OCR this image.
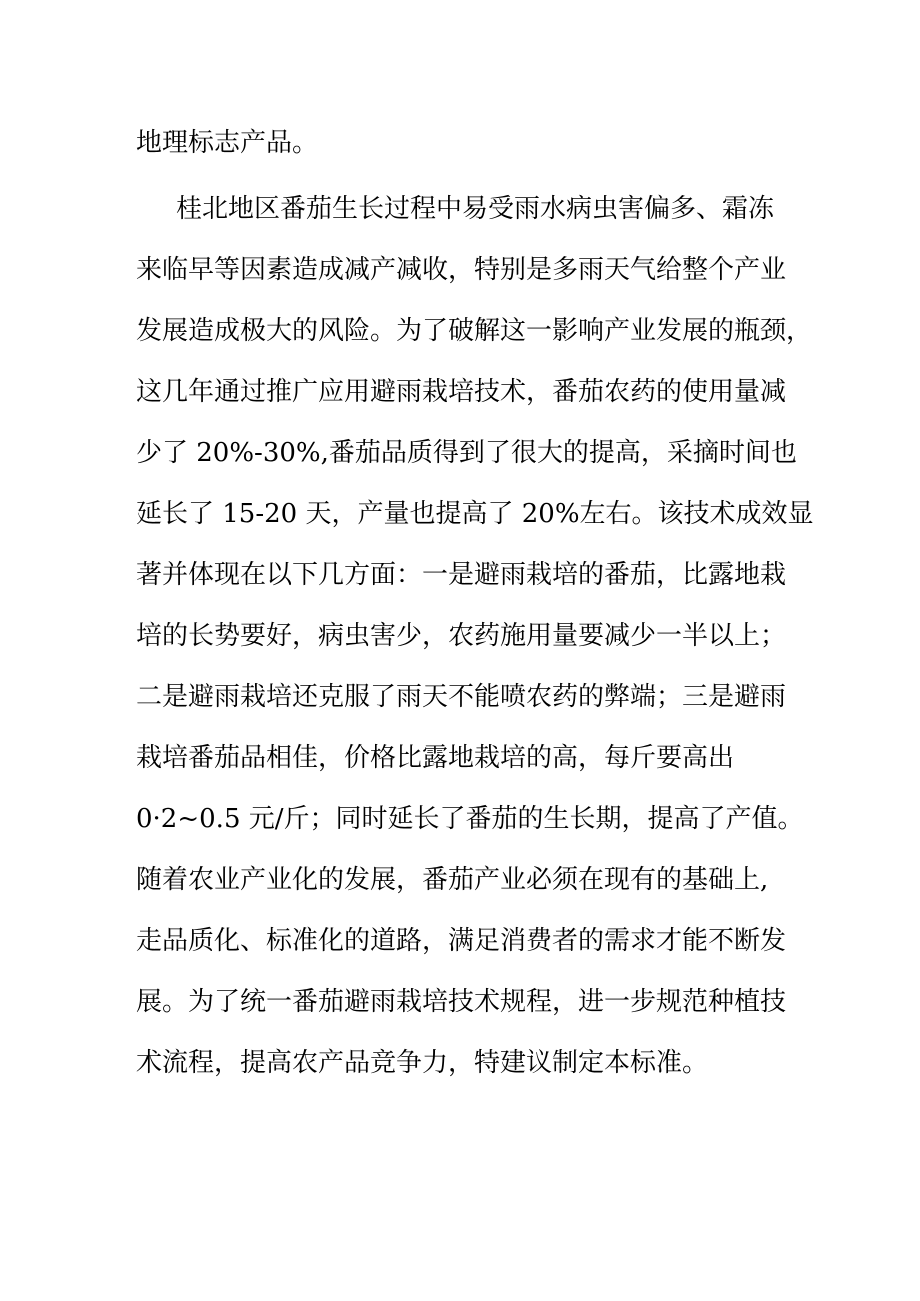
地理标志产品。

桂北地区番茄生长过程中易受雨水病虫害偏多、霜冻

来临早等因素造成减产减收，特别是多雨天气给整个产业

发展造成极大的风险。为了破解这一影响产业发展的瓶颈，

这几年通过推广应用避雨栽培技术，番茄农药的使用量减

少了 20%-30%,番茄品质得到了很大的提高，采摘时间也

延长了 15-20 天，产量也提高了 20%左右。该技术成效显

著并体现在以下几方面：一是避雨栽培的番茄，比露地栽

培的长势要好，病虫害少，农药施用量要减少一半以上；

二是避雨栽培还克服了雨天不能喷农药的弊端；三是避雨

栽培番茄品相佳，价格比露地栽培的高，每斤要高出

0·2~0.5 元/斤；同时延长了番茄的生长期，提高了产值。

随着农业产业化的发展，番茄产业必须在现有的基础上,

走品质化、标准化的道路，满足消费者的需求才能不断发

展。为了统一番茄避雨栽培技术规程，进一步规范种植技

术流程，提高农产品竞争力，特建议制定本标准。
